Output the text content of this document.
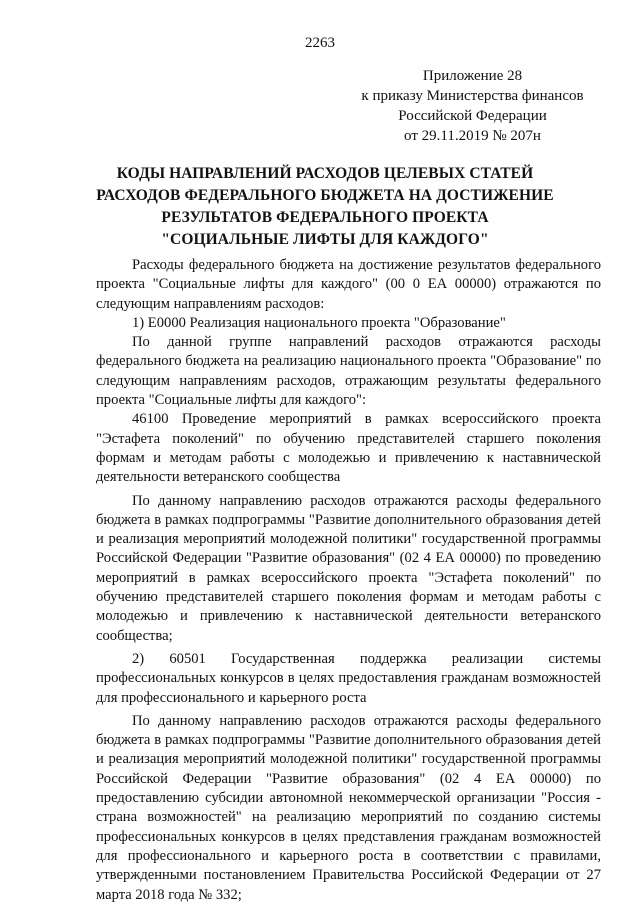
2263
Приложение 28
к приказу Министерства финансов
Российской Федерации
от 29.11.2019 № 207н
КОДЫ НАПРАВЛЕНИЙ РАСХОДОВ ЦЕЛЕВЫХ СТАТЕЙ
РАСХОДОВ ФЕДЕРАЛЬНОГО БЮДЖЕТА НА ДОСТИЖЕНИЕ
РЕЗУЛЬТАТОВ ФЕДЕРАЛЬНОГО ПРОЕКТА
"СОЦИАЛЬНЫЕ ЛИФТЫ ДЛЯ КАЖДОГО"

Расходы федерального бюджета на достижение результатов федерального проекта "Социальные лифты для каждого" (00 0 ЕА 00000) отражаются по следующим направлениям расходов:

1) Е0000 Реализация национального проекта "Образование"

По данной группе направлений расходов отражаются расходы федерального бюджета на реализацию национального проекта "Образование" по следующим направлениям расходов, отражающим результаты федерального проекта "Социальные лифты для каждого":

46100 Проведение мероприятий в рамках всероссийского проекта "Эстафета поколений" по обучению представителей старшего поколения формам и методам работы с молодежью и привлечению к наставнической деятельности ветеранского сообщества

По данному направлению расходов отражаются расходы федерального бюджета в рамках подпрограммы "Развитие дополнительного образования детей и реализация мероприятий молодежной политики" государственной программы Российской Федерации "Развитие образования" (02 4 ЕА 00000) по проведению мероприятий в рамках всероссийского проекта "Эстафета поколений" по обучению представителей старшего поколения формам и методам работы с молодежью и привлечению к наставнической деятельности ветеранского сообщества;

2) 60501 Государственная поддержка реализации системы профессиональных конкурсов в целях предоставления гражданам возможностей для профессионального и карьерного роста

По данному направлению расходов отражаются расходы федерального бюджета в рамках подпрограммы "Развитие дополнительного образования детей и реализация мероприятий молодежной политики" государственной программы Российской Федерации "Развитие образования" (02 4 ЕА 00000) по предоставлению субсидии автономной некоммерческой организации "Россия - страна возможностей" на реализацию мероприятий по созданию системы профессиональных конкурсов в целях представления гражданам возможностей для профессионального и карьерного роста в соответствии с правилами, утвержденными постановлением Правительства Российской Федерации от 27 марта 2018 года № 332;
